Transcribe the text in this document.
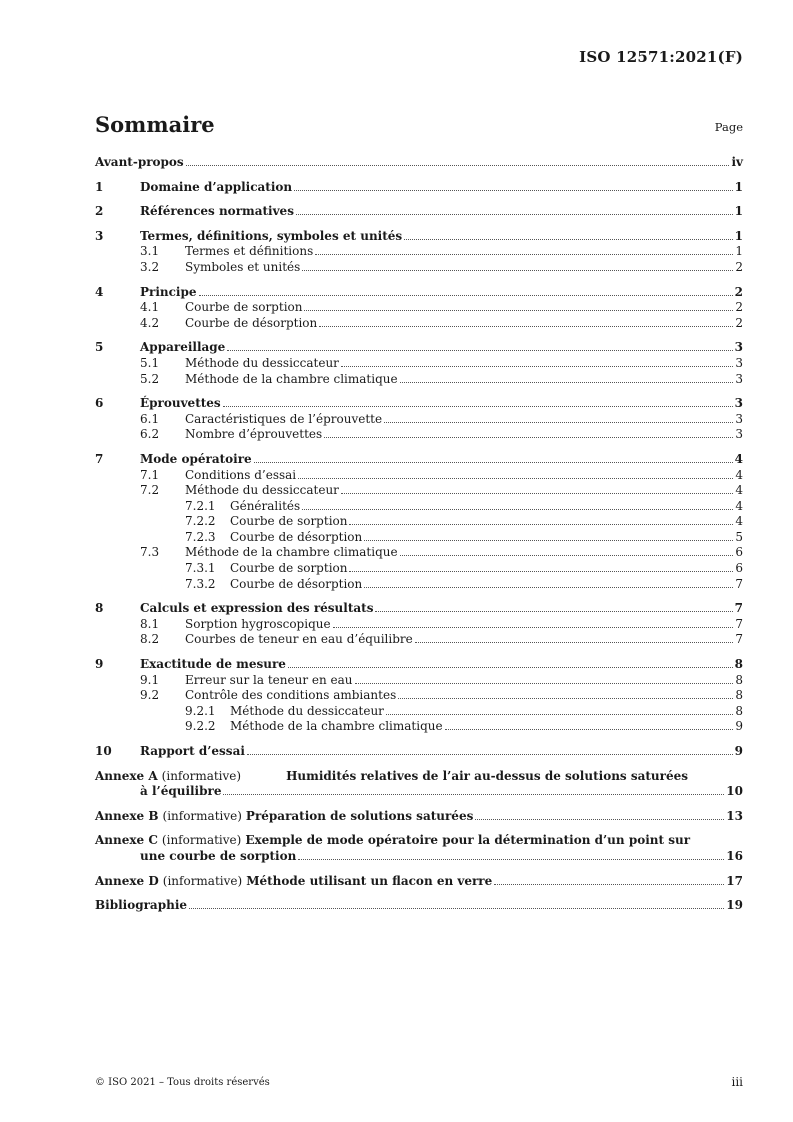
ISO 12571:2021(F)
Sommaire	Page
Avant-propos	iv
1	Domaine d’application	1
2	Références normatives	1
3	Termes, définitions, symboles et unités	1
3.1	Termes et définitions	1
3.2	Symboles et unités	2
4	Principe	2
4.1	Courbe de sorption	2
4.2	Courbe de désorption	2
5	Appareillage	3
5.1	Méthode du dessiccateur	3
5.2	Méthode de la chambre climatique	3
6	Éprouvettes	3
6.1	Caractéristiques de l’éprouvette	3
6.2	Nombre d’éprouvettes	3
7	Mode opératoire	4
7.1	Conditions d’essai	4
7.2	Méthode du dessiccateur	4
7.2.1	Généralités	4
7.2.2	Courbe de sorption	4
7.2.3	Courbe de désorption	5
7.3	Méthode de la chambre climatique	6
7.3.1	Courbe de sorption	6
7.3.2	Courbe de désorption	7
8	Calculs et expression des résultats	7
8.1	Sorption hygroscopique	7
8.2	Courbes de teneur en eau d’équilibre	7
9	Exactitude de mesure	8
9.1	Erreur sur la teneur en eau	8
9.2	Contrôle des conditions ambiantes	8
9.2.1	Méthode du dessiccateur	8
9.2.2	Méthode de la chambre climatique	9
10	Rapport d’essai	9
Annexe A (informative)	Humidités relatives de l’air au-dessus de solutions saturées
à l’équilibre	10
Annexe B (informative) Préparation de solutions saturées	13
Annexe C (informative) Exemple de mode opératoire pour la détermination d’un point sur
une courbe de sorption	16
Annexe D (informative) Méthode utilisant un flacon en verre	17
Bibliographie	19
© ISO 2021 – Tous droits réservés	iii
